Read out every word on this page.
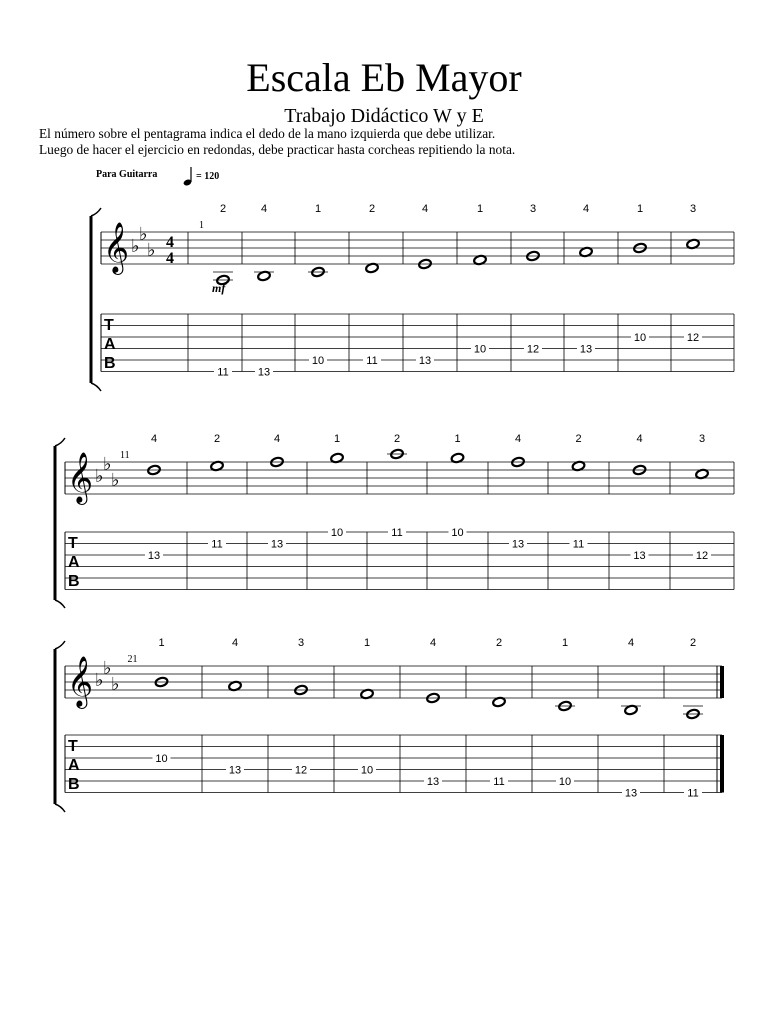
Escala Eb Mayor
Trabajo Didáctico W y E
El número sobre el pentagrama indica el dedo de la mano izquierda que debe utilizar.
Luego de hacer el ejercicio en redondas, debe practicar hasta corcheas repitiendo la nota.
Para Guitarra	= 120
𝄞 ♭
♭
♭ 4
4
T
A
B
1
2
11
4
13
1
10
2
11
4
13
1
10
3
12
4
13
1
10
3
12
mf
𝄞 ♭
♭
♭
T
A
B
11
4
13
2
11
4
13
1
10
2
11
1
10
4
13
2
11
4
13
3
12
𝄞 ♭
♭
♭
T
A
B
21
1
10
4
13
3
12
1
10
4
13
2
11
1
10
4
13
2
11
